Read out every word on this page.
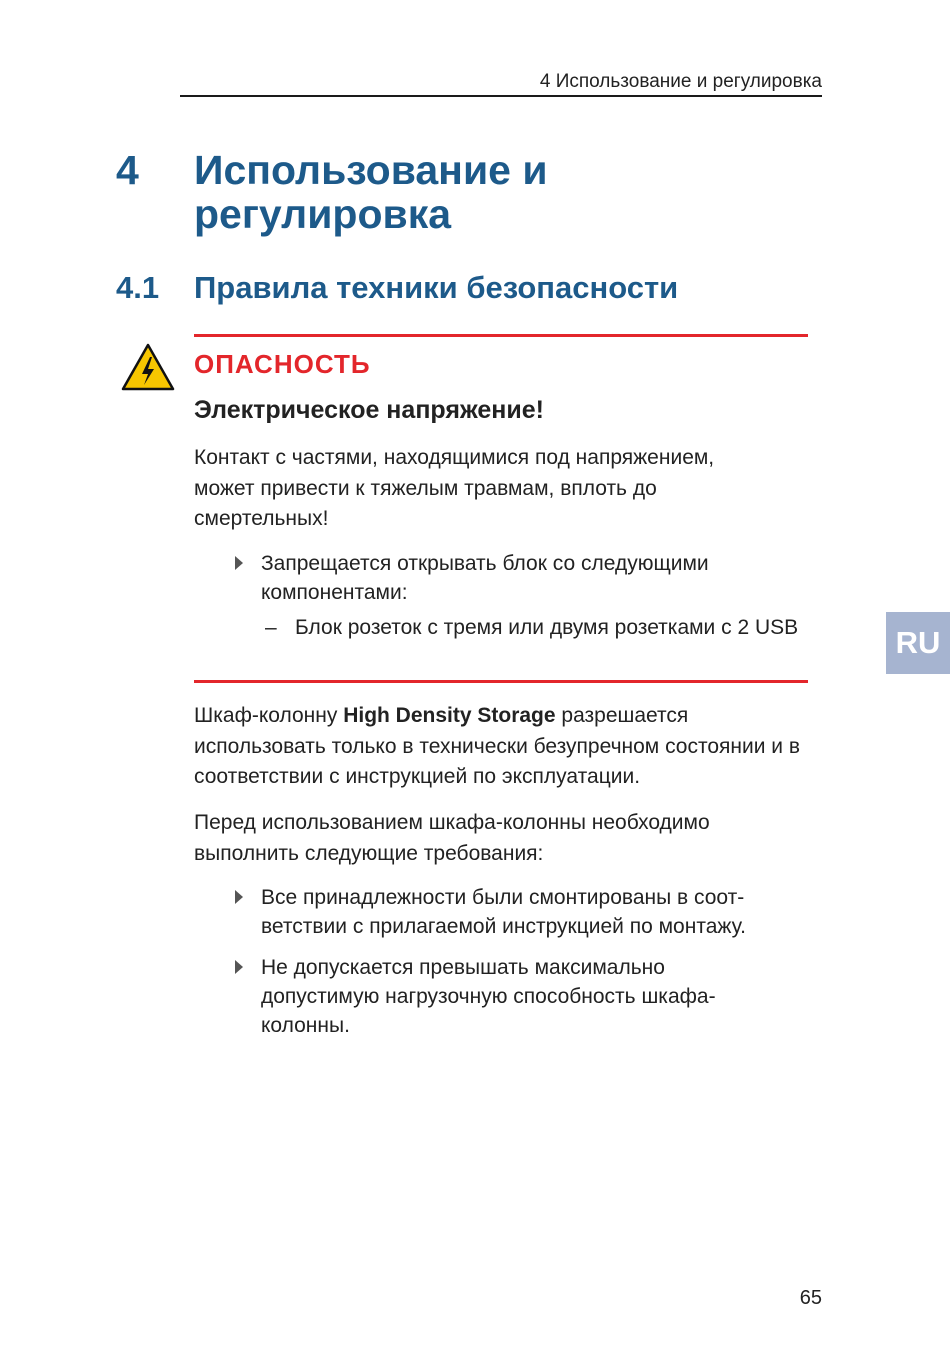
4 Использование и регулировка
4 Использование и регулировка
4.1 Правила техники безопасности
ОПАСНОСТЬ
Электрическое напряжение!
Контакт с частями, находящимися под напряжением, может привести к тяжелым травмам, вплоть до смертельных!
Запрещается открывать блок со следующими компонентами:
– Блок розеток с тремя или двумя розетками с 2 USB
Шкаф-колонну High Density Storage разрешается использовать только в технически безупречном состоянии и в соответствии с инструкцией по эксплуатации.
Перед использованием шкафа-колонны необходимо выполнить следующие требования:
Все принадлежности были смонтированы в соот-ветствии с прилагаемой инструкцией по монтажу.
Не допускается превышать максимально допустимую нагрузочную способность шкафа-колонны.
RU
65
